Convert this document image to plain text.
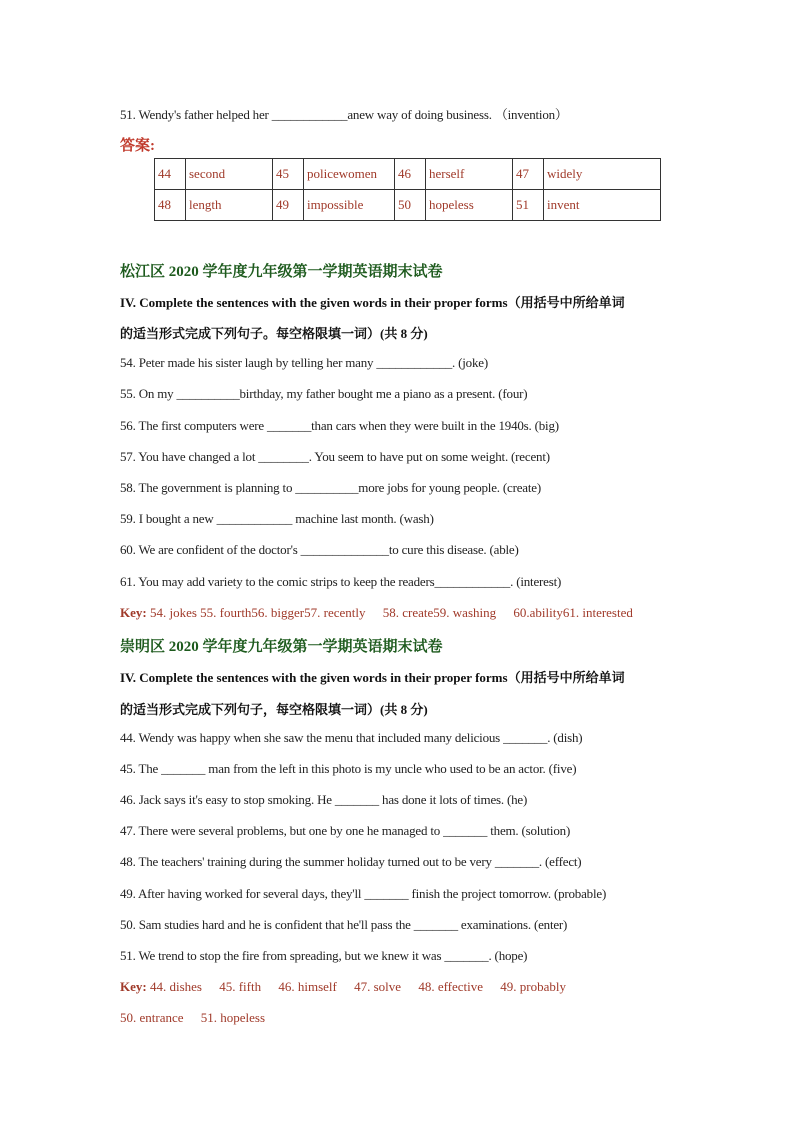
51. Wendy's father helped her ____________anew way of doing business. （invention）
答案:
44	second	45	policewomen	46	herself	47	widely
48	length	49	impossible	50	hopeless	51	invent
松江区 2020 学年度九年级第一学期英语期末试卷
IV. Complete the sentences with the given words in their proper forms（用括号中所给单词
的适当形式完成下列句子。每空格限填一词）(共 8 分)
54. Peter made his sister laugh by telling her many ____________. (joke)
55. On my __________birthday, my father bought me a piano as a present. (four)
56. The first computers were _______than cars when they were built in the 1940s. (big)
57. You have changed a lot ________. You seem to have put on some weight. (recent)
58. The government is planning to __________more jobs for young people. (create)
59. I bought a new ____________ machine last month. (wash)
60. We are confident of the doctor's ______________to cure this disease. (able)
61. You may add variety to the comic strips to keep the readers____________. (interest)
Key: 54. jokes 55. fourth56. bigger57. recently 58. create59. washing 60.ability61. interested
崇明区 2020 学年度九年级第一学期英语期末试卷
IV. Complete the sentences with the given words in their proper forms（用括号中所给单词
的适当形式完成下列句子，每空格限填一词）(共 8 分)
44. Wendy was happy when she saw the menu that included many delicious _______. (dish)
45. The _______ man from the left in this photo is my uncle who used to be an actor. (five)
46. Jack says it's easy to stop smoking. He _______ has done it lots of times. (he)
47. There were several problems, but one by one he managed to _______ them. (solution)
48. The teachers' training during the summer holiday turned out to be very _______. (effect)
49. After having worked for several days, they'll _______ finish the project tomorrow. (probable)
50. Sam studies hard and he is confident that he'll pass the _______ examinations. (enter)
51. We trend to stop the fire from spreading, but we knew it was _______. (hope)
Key: 44. dishes 45. fifth 46. himself 47. solve 48. effective 49. probably
50. entrance 51. hopeless
